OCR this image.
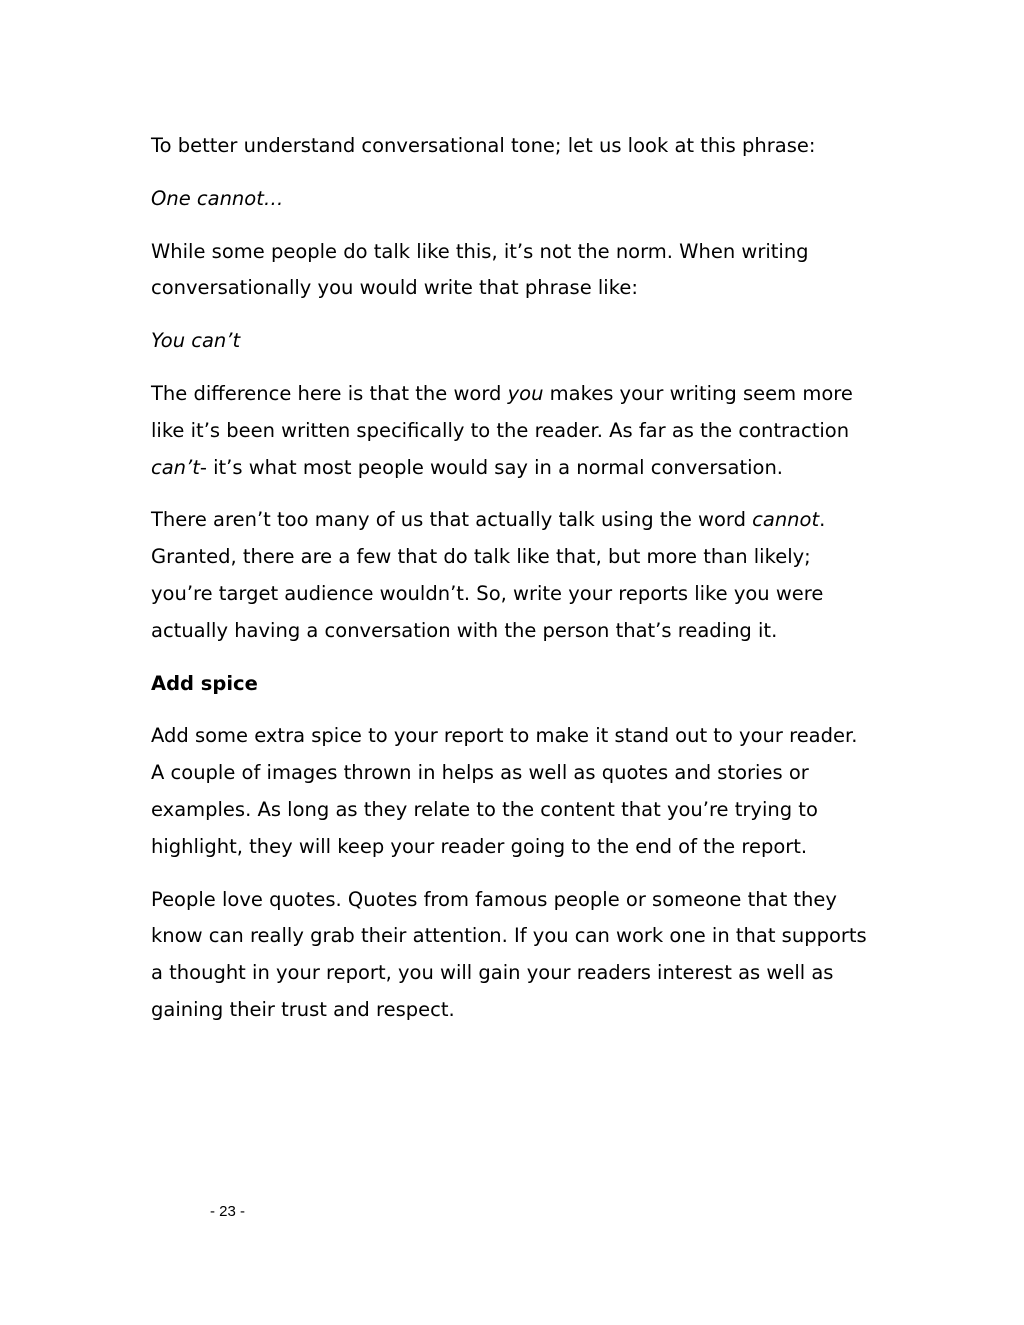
To better understand conversational tone; let us look at this phrase:

One cannot…

While some people do talk like this, it’s not the norm. When writing conversationally you would write that phrase like:

You can’t

The difference here is that the word you makes your writing seem more like it’s been written specifically to the reader. As far as the contraction can’t- it’s what most people would say in a normal conversation.

There aren’t too many of us that actually talk using the word cannot. Granted, there are a few that do talk like that, but more than likely; you’re target audience wouldn’t. So, write your reports like you were actually having a conversation with the person that’s reading it.

Add spice

Add some extra spice to your report to make it stand out to your reader. A couple of images thrown in helps as well as quotes and stories or examples. As long as they relate to the content that you’re trying to highlight, they will keep your reader going to the end of the report.

People love quotes. Quotes from famous people or someone that they know can really grab their attention. If you can work one in that supports a thought in your report, you will gain your readers interest as well as gaining their trust and respect.

- 23 -
